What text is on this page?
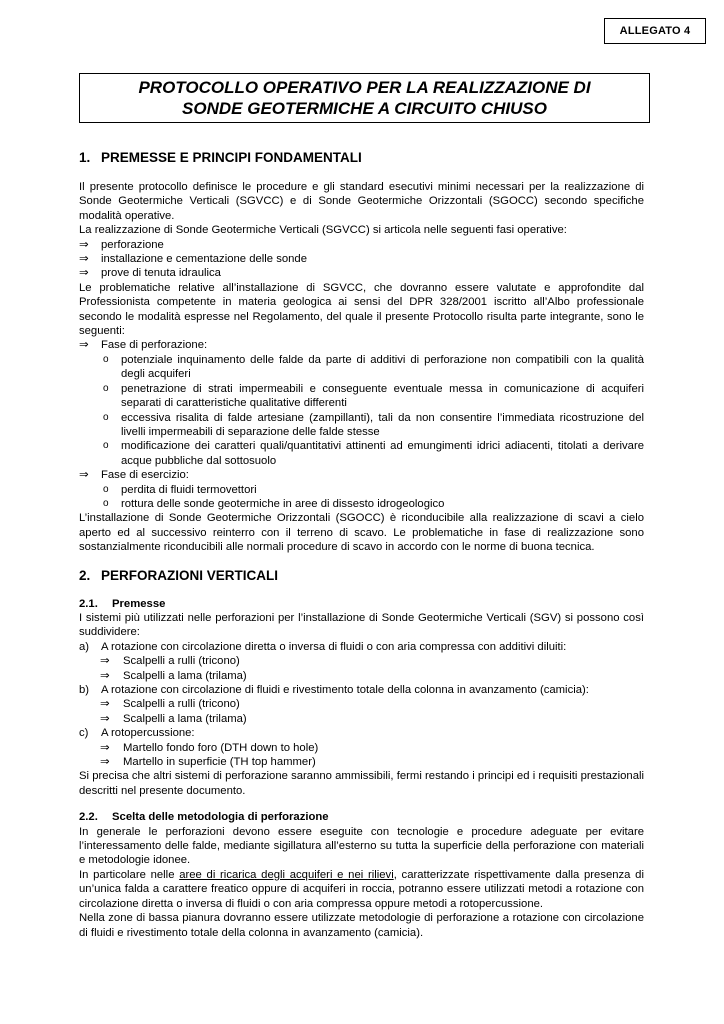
ALLEGATO 4
PROTOCOLLO OPERATIVO PER LA REALIZZAZIONE DI
SONDE GEOTERMICHE A CIRCUITO CHIUSO
1. PREMESSE E PRINCIPI FONDAMENTALI

Il presente protocollo definisce le procedure e gli standard esecutivi minimi necessari per la realizzazione di Sonde Geotermiche Verticali (SGVCC) e di Sonde Geotermiche Orizzontali (SGOCC) secondo specifiche modalità operative.

La realizzazione di Sonde Geotermiche Verticali (SGVCC) si articola nelle seguenti fasi operative:

⇒ perforazione
⇒ installazione e cementazione delle sonde
⇒ prove di tenuta idraulica

Le problematiche relative all’installazione di SGVCC, che dovranno essere valutate e approfondite dal Professionista competente in materia geologica ai sensi del DPR 328/2001 iscritto all’Albo professionale secondo le modalità espresse nel Regolamento, del quale il presente Protocollo risulta parte integrante, sono le seguenti:

⇒ Fase di perforazione:
o potenziale inquinamento delle falde da parte di additivi di perforazione non compatibili con la qualità degli acquiferi
o penetrazione di strati impermeabili e conseguente eventuale messa in comunicazione di acquiferi separati di caratteristiche qualitative differenti
o eccessiva risalita di falde artesiane (zampillanti), tali da non consentire l’immediata ricostruzione del livelli impermeabili di separazione delle falde stesse
o modificazione dei caratteri quali/quantitativi attinenti ad emungimenti idrici adiacenti, titolati a derivare acque pubbliche dal sottosuolo
⇒ Fase di esercizio:
o perdita di fluidi termovettori
o rottura delle sonde geotermiche in aree di dissesto idrogeologico

L’installazione di Sonde Geotermiche Orizzontali (SGOCC) è riconducibile alla realizzazione di scavi a cielo aperto ed al successivo reinterro con il terreno di scavo. Le problematiche in fase di realizzazione sono sostanzialmente riconducibili alle normali procedure di scavo in accordo con le norme di buona tecnica.

2. PERFORAZIONI VERTICALI
2.1. Premesse

I sistemi più utilizzati nelle perforazioni per l’installazione di Sonde Geotermiche Verticali (SGV) si possono così suddividere:

a) A rotazione con circolazione diretta o inversa di fluidi o con aria compressa con additivi diluiti:
⇒ Scalpelli a rulli (tricono)
⇒ Scalpelli a lama (trilama)
b) A rotazione con circolazione di fluidi e rivestimento totale della colonna in avanzamento (camicia):
⇒ Scalpelli a rulli (tricono)
⇒ Scalpelli a lama (trilama)
c) A rotopercussione:
⇒ Martello fondo foro (DTH down to hole)
⇒ Martello in superficie (TH top hammer)

Si precisa che altri sistemi di perforazione saranno ammissibili, fermi restando i principi ed i requisiti prestazionali descritti nel presente documento.

2.2. Scelta delle metodologia di perforazione

In generale le perforazioni devono essere eseguite con tecnologie e procedure adeguate per evitare l’interessamento delle falde, mediante sigillatura all’esterno su tutta la superficie della perforazione con materiali e metodologie idonee.

In particolare nelle aree di ricarica degli acquiferi e nei rilievi, caratterizzate rispettivamente dalla presenza di un’unica falda a carattere freatico oppure di acquiferi in roccia, potranno essere utilizzati metodi a rotazione con circolazione diretta o inversa di fluidi o con aria compressa oppure metodi a rotopercussione.

Nella zone di bassa pianura dovranno essere utilizzate metodologie di perforazione a rotazione con circolazione di fluidi e rivestimento totale della colonna in avanzamento (camicia).
